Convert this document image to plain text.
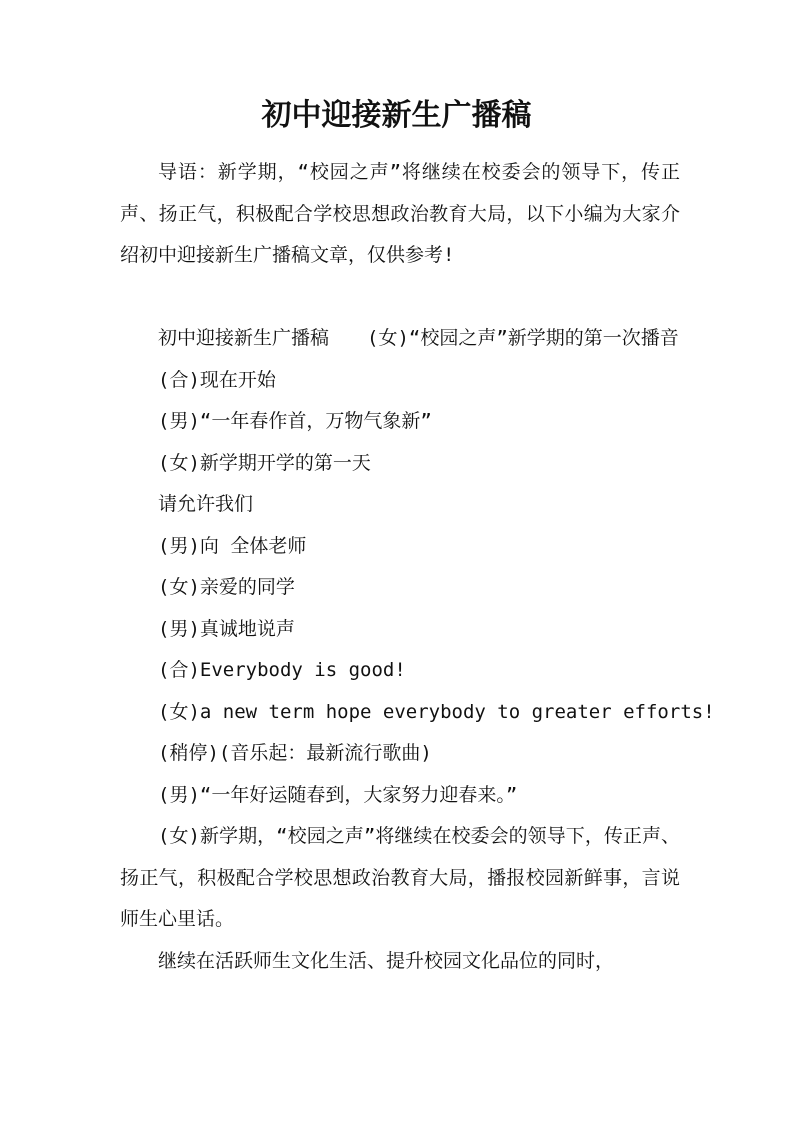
初中迎接新生广播稿

导语：新学期，“校园之声”将继续在校委会的领导下，传正声、扬正气，积极配合学校思想政治教育大局，以下小编为大家介绍初中迎接新生广播稿文章，仅供参考!

初中迎接新生广播稿　　(女)“校园之声”新学期的第一次播音

(合)现在开始

(男)“一年春作首，万物气象新”

(女)新学期开学的第一天

请允许我们

(男)向 全体老师

(女)亲爱的同学

(男)真诚地说声

(合)Everybody is good!

(女)a new term hope everybody to greater efforts!

(稍停)(音乐起：最新流行歌曲)

(男)“一年好运随春到，大家努力迎春来。”

(女)新学期，“校园之声”将继续在校委会的领导下，传正声、扬正气，积极配合学校思想政治教育大局，播报校园新鲜事，言说师生心里话。

继续在活跃师生文化生活、提升校园文化品位的同时，
